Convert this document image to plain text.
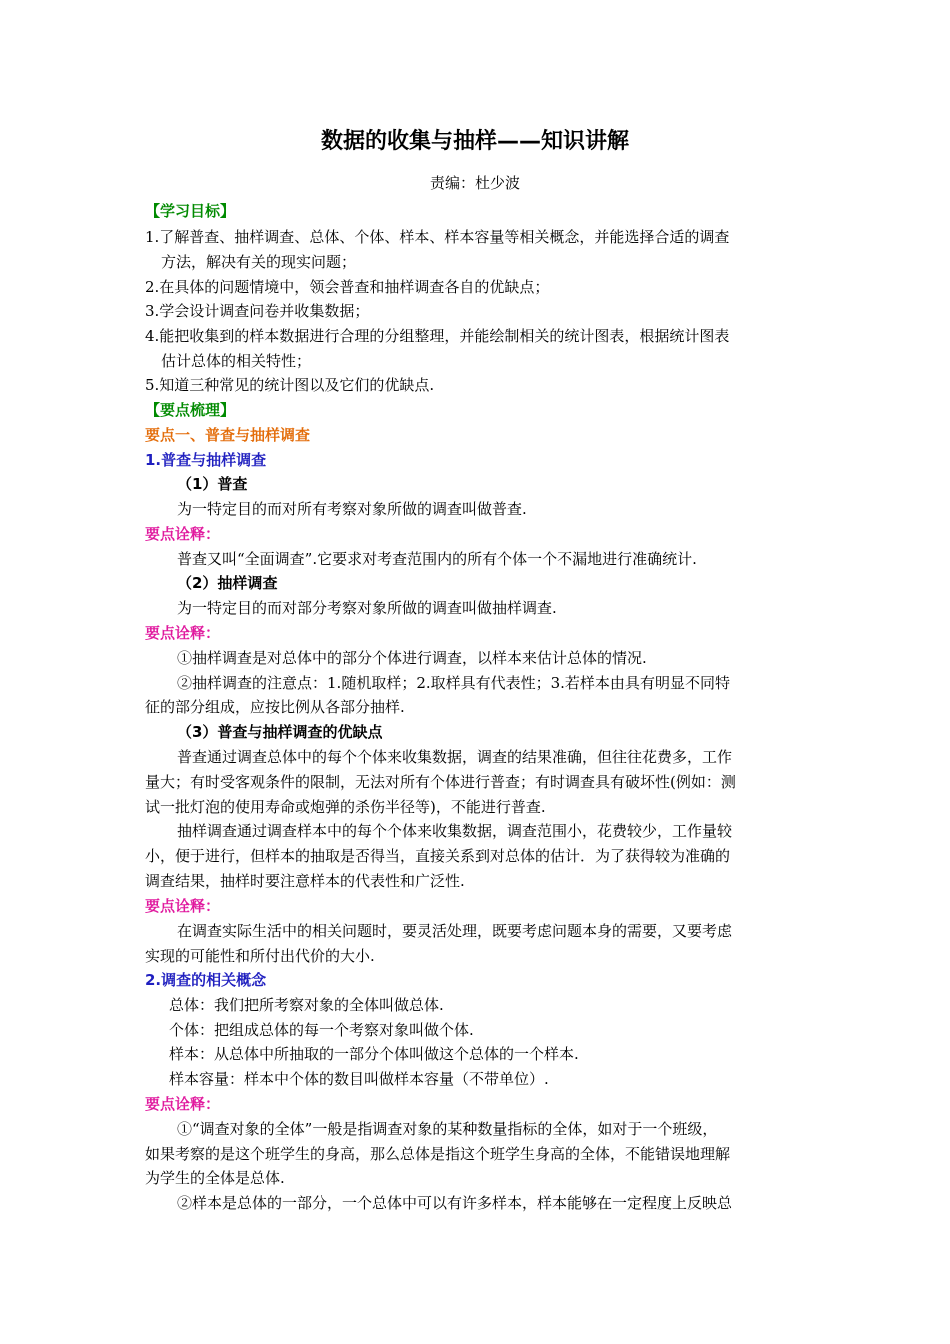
数据的收集与抽样——知识讲解
责编：杜少波
【学习目标】
1.了解普查、抽样调查、总体、个体、样本、样本容量等相关概念，并能选择合适的调查
方法，解决有关的现实问题；
2.在具体的问题情境中，领会普查和抽样调查各自的优缺点；
3.学会设计调查问卷并收集数据；
4.能把收集到的样本数据进行合理的分组整理，并能绘制相关的统计图表，根据统计图表
估计总体的相关特性；
5.知道三种常见的统计图以及它们的优缺点.
【要点梳理】
要点一、普查与抽样调查
1.普查与抽样调查
（1）普查
为一特定目的而对所有考察对象所做的调查叫做普查.
要点诠释：
普查又叫“全面调查”.它要求对考查范围内的所有个体一个不漏地进行准确统计.
（2）抽样调查
为一特定目的而对部分考察对象所做的调查叫做抽样调查.
要点诠释：
①抽样调查是对总体中的部分个体进行调查，以样本来估计总体的情况.
②抽样调查的注意点：1.随机取样；2.取样具有代表性；3.若样本由具有明显不同特
征的部分组成，应按比例从各部分抽样.
（3）普查与抽样调查的优缺点
普查通过调查总体中的每个个体来收集数据，调查的结果准确，但往往花费多，工作
量大；有时受客观条件的限制，无法对所有个体进行普查；有时调查具有破坏性(例如：测
试一批灯泡的使用寿命或炮弹的杀伤半径等)，不能进行普查.
抽样调查通过调查样本中的每个个体来收集数据，调查范围小，花费较少，工作量较
小，便于进行，但样本的抽取是否得当，直接关系到对总体的估计．为了获得较为准确的
调查结果，抽样时要注意样本的代表性和广泛性.
要点诠释：
在调查实际生活中的相关问题时，要灵活处理，既要考虑问题本身的需要，又要考虑
实现的可能性和所付出代价的大小.
2.调查的相关概念
总体：我们把所考察对象的全体叫做总体.
个体：把组成总体的每一个考察对象叫做个体.
样本：从总体中所抽取的一部分个体叫做这个总体的一个样本.
样本容量：样本中个体的数目叫做样本容量（不带单位）.
要点诠释：
①“调查对象的全体”一般是指调查对象的某种数量指标的全体，如对于一个班级，
如果考察的是这个班学生的身高，那么总体是指这个班学生身高的全体，不能错误地理解
为学生的全体是总体.
②样本是总体的一部分，一个总体中可以有许多样本，样本能够在一定程度上反映总
